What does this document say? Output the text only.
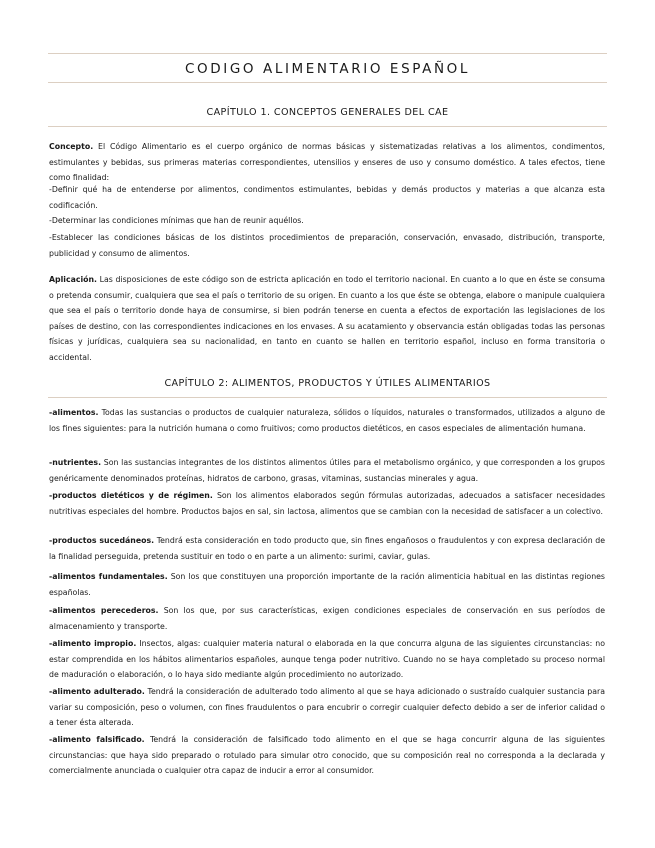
CODIGO ALIMENTARIO ESPAÑOL
CAPÍTULO 1. CONCEPTOS GENERALES DEL CAE

Concepto. El Código Alimentario es el cuerpo orgánico de normas básicas y sistematizadas relativas a los alimentos, condimentos, estimulantes y bebidas, sus primeras materias correspondientes, utensilios y enseres de uso y consumo doméstico. A tales efectos, tiene como finalidad:

-Definir qué ha de entenderse por alimentos, condimentos estimulantes, bebidas y demás productos y materias a que alcanza esta codificación.

-Determinar las condiciones mínimas que han de reunir aquéllos.

-Establecer las condiciones básicas de los distintos procedimientos de preparación, conservación, envasado, distribución, transporte, publicidad y consumo de alimentos.

Aplicación. Las disposiciones de este código son de estricta aplicación en todo el territorio nacional. En cuanto a lo que en éste se consuma o pretenda consumir, cualquiera que sea el país o territorio de su origen. En cuanto a los que éste se obtenga, elabore o manipule cualquiera que sea el país o territorio donde haya de consumirse, si bien podrán tenerse en cuenta a efectos de exportación las legislaciones de los países de destino, con las correspondientes indicaciones en los envases. A su acatamiento y observancia están obligadas todas las personas físicas y jurídicas, cualquiera sea su nacionalidad, en tanto en cuanto se hallen en territorio español, incluso en forma transitoria o accidental.

CAPÍTULO 2: ALIMENTOS, PRODUCTOS Y ÚTILES ALIMENTARIOS

-alimentos. Todas las sustancias o productos de cualquier naturaleza, sólidos o líquidos, naturales o transformados, utilizados a alguno de los fines siguientes: para la nutrición humana o como fruitivos; como productos dietéticos, en casos especiales de alimentación humana.

-nutrientes. Son las sustancias integrantes de los distintos alimentos útiles para el metabolismo orgánico, y que corresponden a los grupos genéricamente denominados proteínas, hidratos de carbono, grasas, vitaminas, sustancias minerales y agua.

-productos dietéticos y de régimen. Son los alimentos elaborados según fórmulas autorizadas, adecuados a satisfacer necesidades nutritivas especiales del hombre. Productos bajos en sal, sin lactosa, alimentos que se cambian con la necesidad de satisfacer a un colectivo.

-productos sucedáneos. Tendrá esta consideración en todo producto que, sin fines engañosos o fraudulentos y con expresa declaración de la finalidad perseguida, pretenda sustituir en todo o en parte a un alimento: surimi, caviar, gulas.

-alimentos fundamentales. Son los que constituyen una proporción importante de la ración alimenticia habitual en las distintas regiones españolas.

-alimentos perecederos. Son los que, por sus características, exigen condiciones especiales de conservación en sus períodos de almacenamiento y transporte.

-alimento impropio. Insectos, algas: cualquier materia natural o elaborada en la que concurra alguna de las siguientes circunstancias: no estar comprendida en los hábitos alimentarios españoles, aunque tenga poder nutritivo. Cuando no se haya completado su proceso normal de maduración o elaboración, o lo haya sido mediante algún procedimiento no autorizado.

-alimento adulterado. Tendrá la consideración de adulterado todo alimento al que se haya adicionado o sustraído cualquier sustancia para variar su composición, peso o volumen, con fines fraudulentos o para encubrir o corregir cualquier defecto debido a ser de inferior calidad o a tener ésta alterada.

-alimento falsificado. Tendrá la consideración de falsificado todo alimento en el que se haga concurrir alguna de las siguientes circunstancias: que haya sido preparado o rotulado para simular otro conocido, que su composición real no corresponda a la declarada y comercialmente anunciada o cualquier otra capaz de inducir a error al consumidor.
